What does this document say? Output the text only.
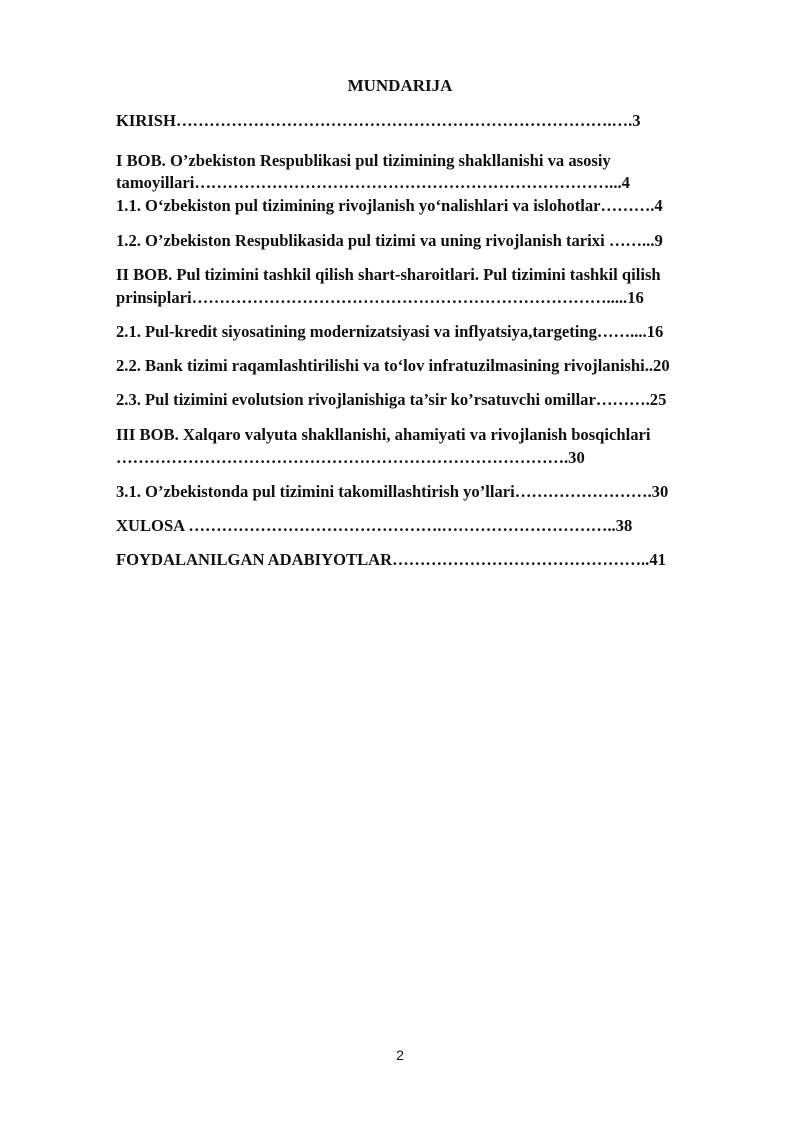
MUNDARIJA
KIRISH…………………………………………………………………….….3
I BOB. O’zbekiston Respublikasi pul tizimining shakllanishi va asosiy
tamoyillari…………………………………………………………………...4
1.1. O‘zbekiston pul tizimining rivojlanish yo‘nalishlari va islohotlar……….4
1.2. O’zbekiston Respublikasida pul tizimi va uning rivojlanish tarixi ……...9
II BOB. Pul tizimini tashkil qilish shart-sharoitlari. Pul tizimini tashkil qilish
prinsiplari………………………………………………………………….....16
2.1. Pul-kredit siyosatining modernizatsiyasi va inflyatsiya,targeting……....16
2.2. Bank tizimi raqamlashtirilishi va to‘lov infratuzilmasining rivojlanishi..20
2.3. Pul tizimini evolutsion rivojlanishiga ta’sir ko’rsatuvchi omillar……….25
III BOB. Xalqaro valyuta shakllanishi, ahamiyati va rivojlanish bosqichlari
……………………………………………………………………….30
3.1. O’zbekistonda pul tizimini takomillashtirish yo’llari…………………….30
XULOSA ……………………………………….…………………………..38
FOYDALANILGAN ADABIYOTLAR………………………………………..41
2
